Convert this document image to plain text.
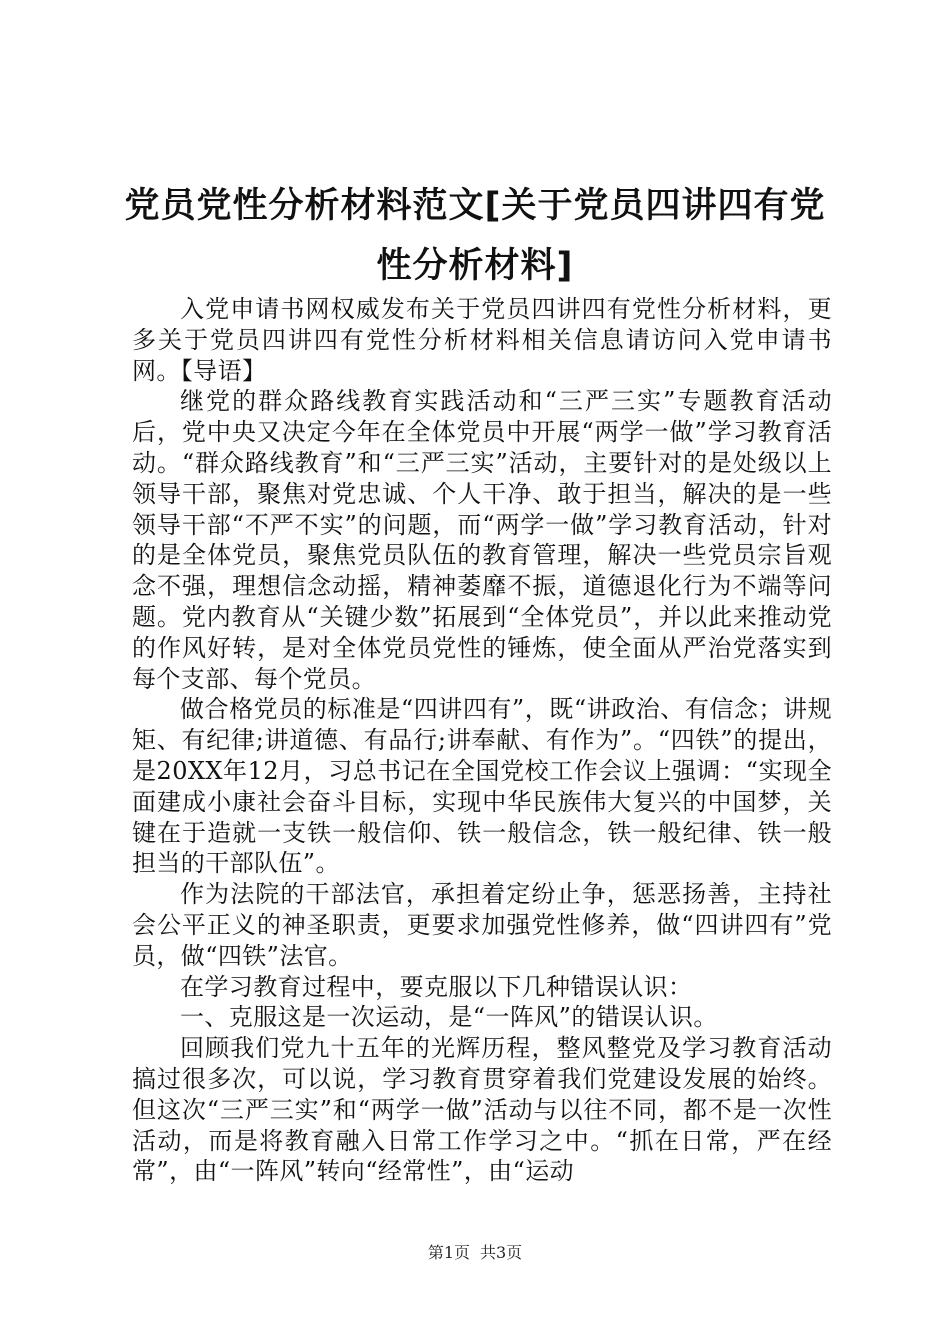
党员党性分析材料范文[关于党员四讲四有党性分析材料]

入党申请书网权威发布关于党员四讲四有党性分析材料，更多关于党员四讲四有党性分析材料相关信息请访问入党申请书网。【导语】

继党的群众路线教育实践活动和“三严三实”专题教育活动后，党中央又决定今年在全体党员中开展“两学一做”学习教育活动。“群众路线教育”和“三严三实”活动，主要针对的是处级以上领导干部，聚焦对党忠诚、个人干净、敢于担当，解决的是一些领导干部“不严不实”的问题，而“两学一做”学习教育活动，针对的是全体党员，聚焦党员队伍的教育管理，解决一些党员宗旨观念不强，理想信念动摇，精神萎靡不振，道德退化行为不端等问题。党内教育从“关键少数”拓展到“全体党员”，并以此来推动党的作风好转，是对全体党员党性的锤炼，使全面从严治党落实到每个支部、每个党员。

做合格党员的标准是“四讲四有”，既“讲政治、有信念；讲规矩、有纪律;讲道德、有品行;讲奉献、有作为”。“四铁”的提出，是20XX年12月，习总书记在全国党校工作会议上强调：“实现全面建成小康社会奋斗目标，实现中华民族伟大复兴的中国梦，关键在于造就一支铁一般信仰、铁一般信念，铁一般纪律、铁一般担当的干部队伍”。

作为法院的干部法官，承担着定纷止争，惩恶扬善，主持社会公平正义的神圣职责，更要求加强党性修养，做“四讲四有”党员，做“四铁”法官。

在学习教育过程中，要克服以下几种错误认识：

一、克服这是一次运动，是“一阵风”的错误认识。

回顾我们党九十五年的光辉历程，整风整党及学习教育活动搞过很多次，可以说，学习教育贯穿着我们党建设发展的始终。但这次“三严三实”和“两学一做”活动与以往不同，都不是一次性活动，而是将教育融入日常工作学习之中。“抓在日常，严在经常”，由“一阵风”转向“经常性”，由“运动

第1页 共3页
